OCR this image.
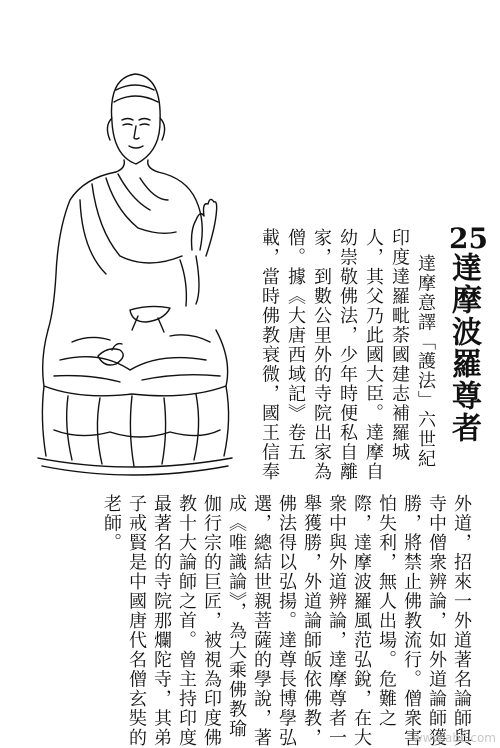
25
達摩波羅尊者
達摩意譯「護法」六世紀
印度達羅毗荼國建志補羅城
人，其父乃此國大臣。達摩自
幼崇敬佛法，少年時便私自離
家，到數公里外的寺院出家為
僧。據《大唐西域記》卷五
載，當時佛教衰微，國王信奉
外道，招來一外道著名論師與
寺中僧衆辨論，如外道論師獲
勝，將禁止佛教流行。僧衆害
怕失利，無人出場。危難之
際，達摩波羅風范弘銳，在大
衆中與外道辨論，達摩尊者一
舉獲勝，外道論師皈依佛教，
佛法得以弘揚。達尊長博學弘
選，總結世親菩薩的學說，著
成《唯識論》，為大乘佛教瑜
伽行宗的巨匠，被視為印度佛
教十大論師之首。曾主持印度
最著名的寺院那爛陀寺，其弟
子戒賢是中國唐代名僧玄奘的
老師。
www.abc.com
